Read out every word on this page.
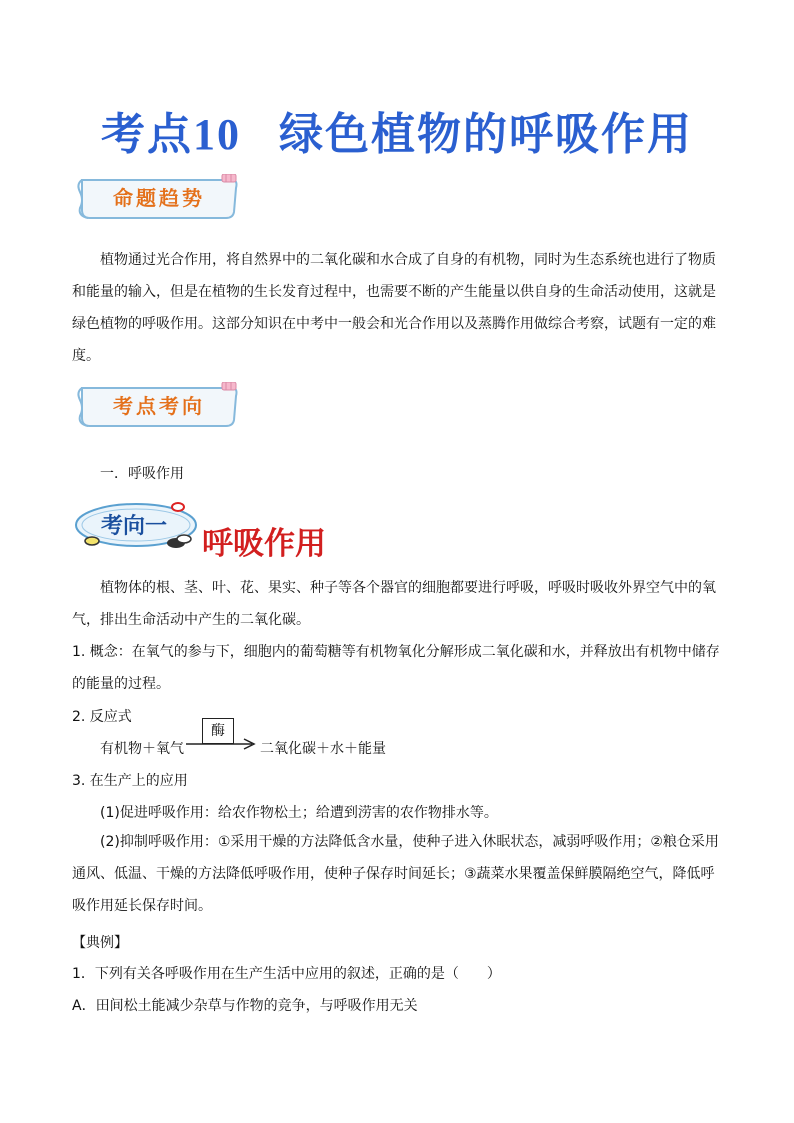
考点10 绿色植物的呼吸作用
命题趋势
植物通过光合作用，将自然界中的二氧化碳和水合成了自身的有机物，同时为生态系统也进行了物质和能量的输入，但是在植物的生长发育过程中，也需要不断的产生能量以供自身的生命活动使用，这就是绿色植物的呼吸作用。这部分知识在中考中一般会和光合作用以及蒸腾作用做综合考察，试题有一定的难度。
考点考向
一．呼吸作用
考向一 呼吸作用
植物体的根、茎、叶、花、果实、种子等各个器官的细胞都要进行呼吸，呼吸时吸收外界空气中的氧气，排出生命活动中产生的二氧化碳。
1. 概念：在氧气的参与下，细胞内的葡萄糖等有机物氧化分解形成二氧化碳和水，并释放出有机物中储存的能量的过程。
2. 反应式
有机物＋氧气
酶
二氧化碳＋水＋能量
3. 在生产上的应用
(1)促进呼吸作用：给农作物松土；给遭到涝害的农作物排水等。
(2)抑制呼吸作用：①采用干燥的方法降低含水量，使种子进入休眠状态，减弱呼吸作用；②粮仓采用通风、低温、干燥的方法降低呼吸作用，使种子保存时间延长；③蔬菜水果覆盖保鲜膜隔绝空气，降低呼吸作用延长保存时间。
【典例】
1．下列有关各呼吸作用在生产生活中应用的叙述，正确的是（　　）
A．田间松土能减少杂草与作物的竞争，与呼吸作用无关
